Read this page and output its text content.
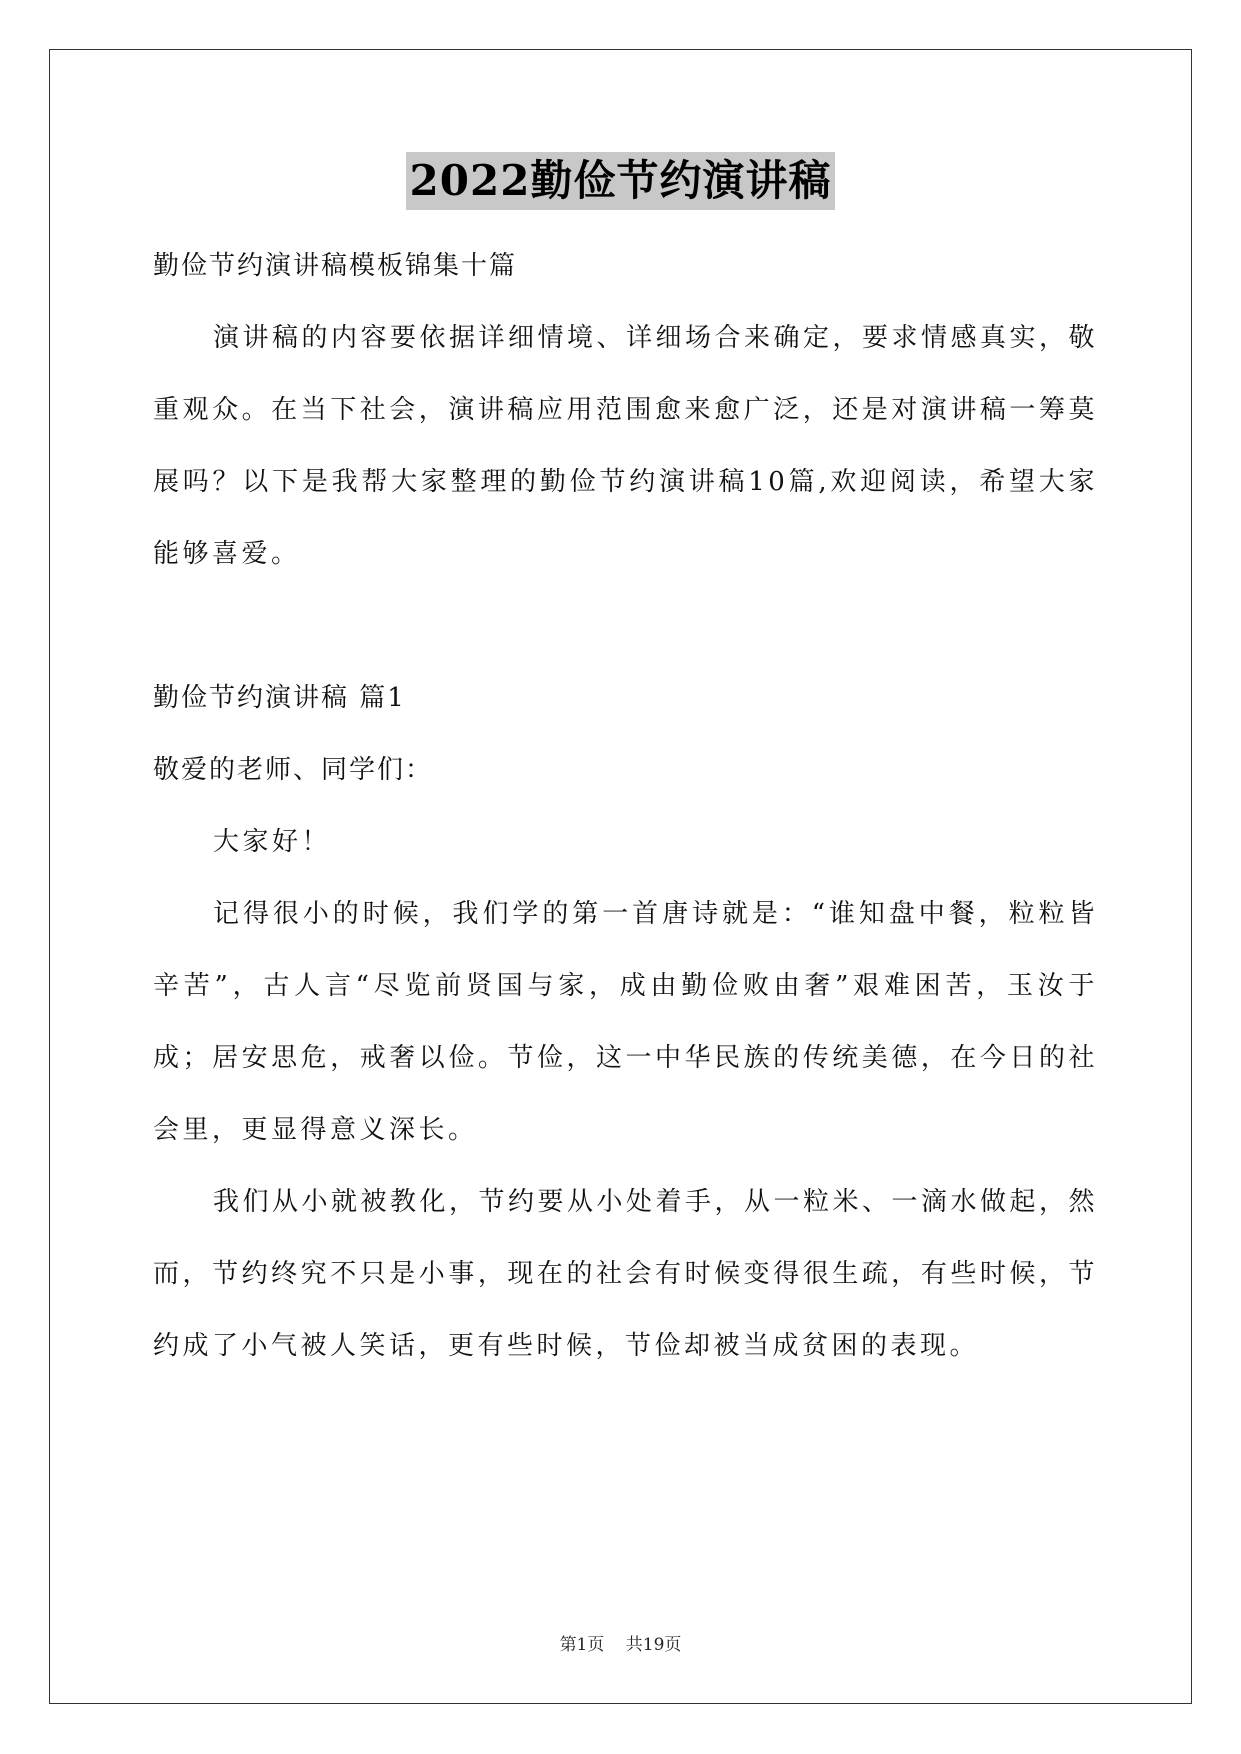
2022勤俭节约演讲稿

勤俭节约演讲稿模板锦集十篇

演讲稿的内容要依据详细情境、详细场合来确定，要求情感真实，敬重观众。在当下社会，演讲稿应用范围愈来愈广泛，还是对演讲稿一筹莫展吗？以下是我帮大家整理的勤俭节约演讲稿10篇,欢迎阅读，希望大家能够喜爱。

勤俭节约演讲稿 篇1

敬爱的老师、同学们：

大家好！

记得很小的时候，我们学的第一首唐诗就是：“谁知盘中餐，粒粒皆辛苦”，古人言“尽览前贤国与家，成由勤俭败由奢”艰难困苦，玉汝于成；居安思危，戒奢以俭。节俭，这一中华民族的传统美德，在今日的社会里，更显得意义深长。

我们从小就被教化，节约要从小处着手，从一粒米、一滴水做起，然而，节约终究不只是小事，现在的社会有时候变得很生疏，有些时候，节约成了小气被人笑话，更有些时候，节俭却被当成贫困的表现。

第1页 共19页
